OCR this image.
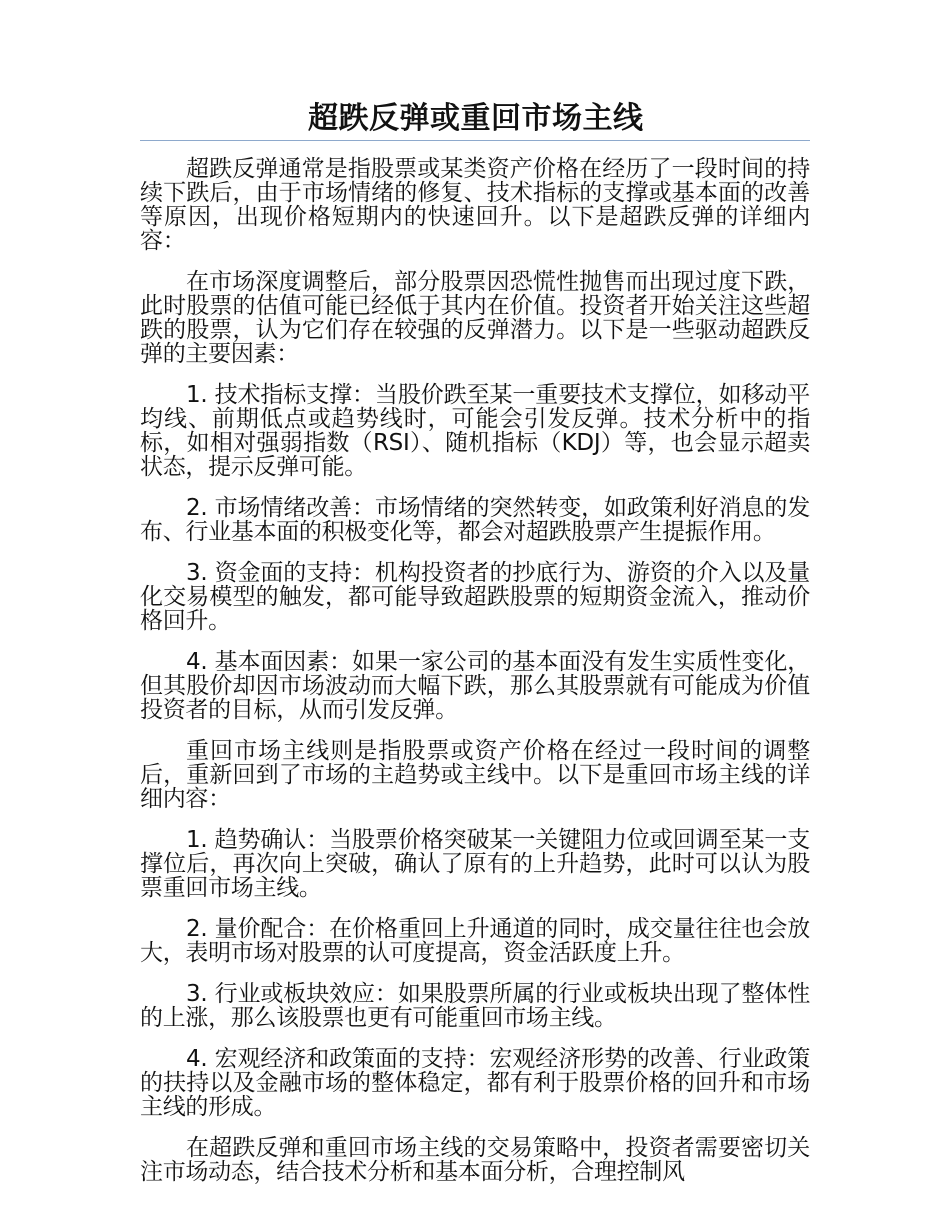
超跌反弹或重回市场主线

超跌反弹通常是指股票或某类资产价格在经历了一段时间的持续下跌后，由于市场情绪的修复、技术指标的支撑或基本面的改善等原因，出现价格短期内的快速回升。以下是超跌反弹的详细内容：

在市场深度调整后，部分股票因恐慌性抛售而出现过度下跌，此时股票的估值可能已经低于其内在价值。投资者开始关注这些超跌的股票，认为它们存在较强的反弹潜力。以下是一些驱动超跌反弹的主要因素：

1. 技术指标支撑：当股价跌至某一重要技术支撑位，如移动平均线、前期低点或趋势线时，可能会引发反弹。技术分析中的指标，如相对强弱指数（RSI）、随机指标（KDJ）等，也会显示超卖状态，提示反弹可能。

2. 市场情绪改善：市场情绪的突然转变，如政策利好消息的发布、行业基本面的积极变化等，都会对超跌股票产生提振作用。

3. 资金面的支持：机构投资者的抄底行为、游资的介入以及量化交易模型的触发，都可能导致超跌股票的短期资金流入，推动价格回升。

4. 基本面因素：如果一家公司的基本面没有发生实质性变化，但其股价却因市场波动而大幅下跌，那么其股票就有可能成为价值投资者的目标，从而引发反弹。

重回市场主线则是指股票或资产价格在经过一段时间的调整后，重新回到了市场的主趋势或主线中。以下是重回市场主线的详细内容：

1. 趋势确认：当股票价格突破某一关键阻力位或回调至某一支撑位后，再次向上突破，确认了原有的上升趋势，此时可以认为股票重回市场主线。

2. 量价配合：在价格重回上升通道的同时，成交量往往也会放大，表明市场对股票的认可度提高，资金活跃度上升。

3. 行业或板块效应：如果股票所属的行业或板块出现了整体性的上涨，那么该股票也更有可能重回市场主线。

4. 宏观经济和政策面的支持：宏观经济形势的改善、行业政策的扶持以及金融市场的整体稳定，都有利于股票价格的回升和市场主线的形成。

在超跌反弹和重回市场主线的交易策略中，投资者需要密切关注市场动态，结合技术分析和基本面分析，合理控制风
